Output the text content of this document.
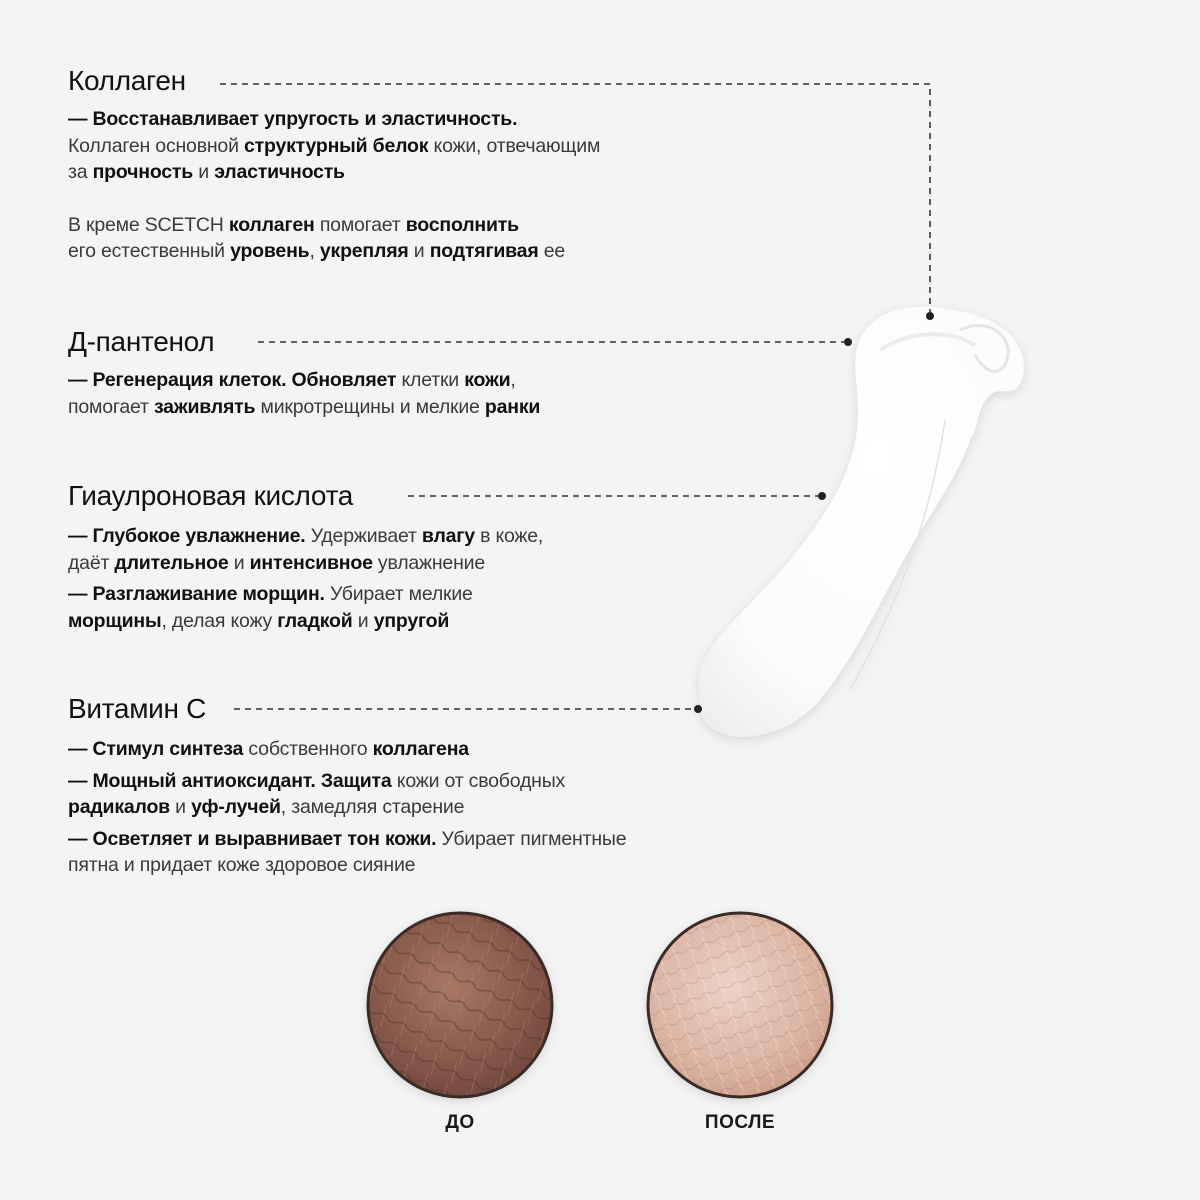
Коллаген

— Восстанавливает упругость и эластичность.

Коллаген основной структурный белок кожи, отвечающим

за прочность и эластичность

В креме SCETCH коллаген помогает восполнить

его естественный уровень, укрепляя и подтягивая ее

Д-пантенол

— Регенерация клеток. Обновляет клетки кожи,

помогает заживлять микротрещины и мелкие ранки

Гиаулроновая кислота

— Глубокое увлажнение. Удерживает влагу в коже,

даёт длительное и интенсивное увлажнение

— Разглаживание морщин. Убирает мелкие

морщины, делая кожу гладкой и упругой

Витамин С

— Стимул синтеза собственного коллагена

— Мощный антиоксидант. Защита кожи от свободных

радикалов и уф-лучей, замедляя старение

— Осветляет и выравнивает тон кожи. Убирает пигментные

пятна и придает коже здоровое сияние

ДО	ПОСЛЕ
